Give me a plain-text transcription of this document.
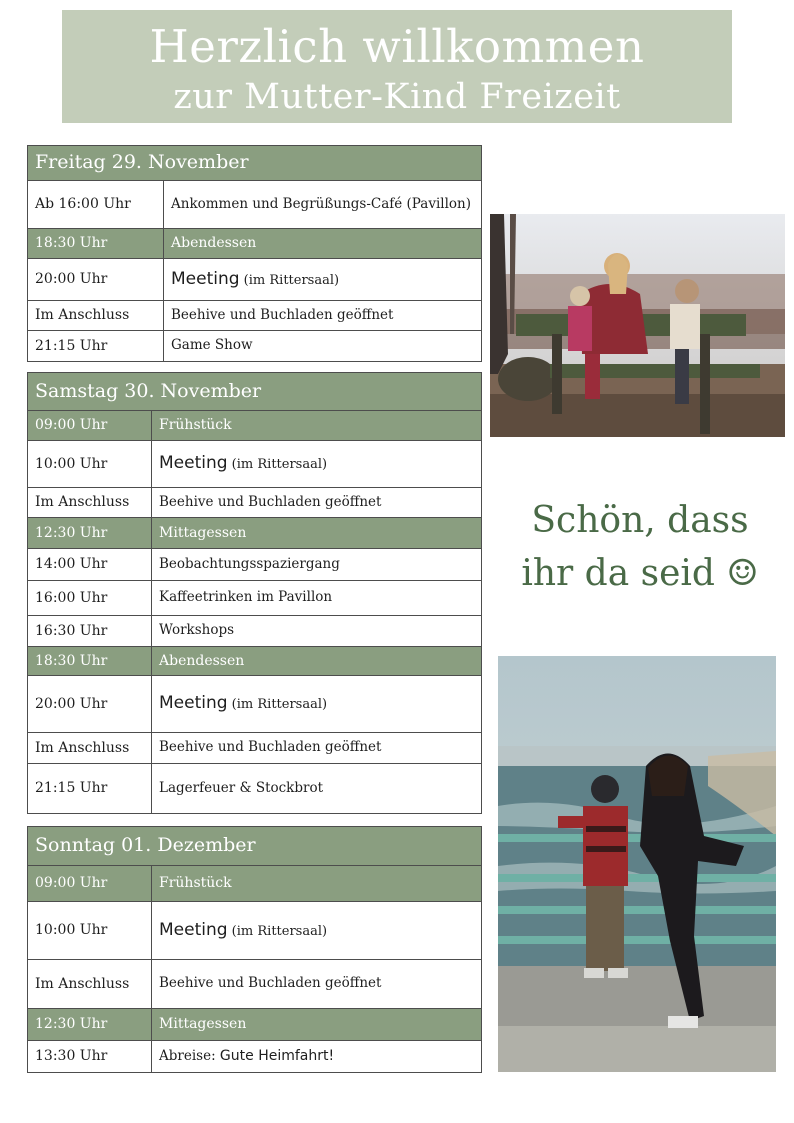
Herzlich willkommen
zur Mutter-Kind Freizeit
Freitag 29. November	
Ab 16:00 Uhr	Ankommen und Begrüßungs-Café (Pavillon)
18:30 Uhr	Abendessen
20:00 Uhr	Meeting (im Rittersaal)
Im Anschluss	Beehive und Buchladen geöffnet
21:15 Uhr	Game Show
Samstag 30. November	
09:00 Uhr	Frühstück
10:00 Uhr	Meeting (im Rittersaal)
Im Anschluss	Beehive und Buchladen geöffnet
12:30 Uhr	Mittagessen
14:00 Uhr	Beobachtungsspaziergang
16:00 Uhr	Kaffeetrinken im Pavillon
16:30 Uhr	Workshops
18:30 Uhr	Abendessen
20:00 Uhr	Meeting (im Rittersaal)
Im Anschluss	Beehive und Buchladen geöffnet
21:15 Uhr	Lagerfeuer & Stockbrot
Sonntag 01. Dezember	
09:00 Uhr	Frühstück
10:00 Uhr	Meeting (im Rittersaal)
Im Anschluss	Beehive und Buchladen geöffnet
12:30 Uhr	Mittagessen
13:30 Uhr	Abreise: Gute Heimfahrt!
Schön, dass
ihr da seid ☺
